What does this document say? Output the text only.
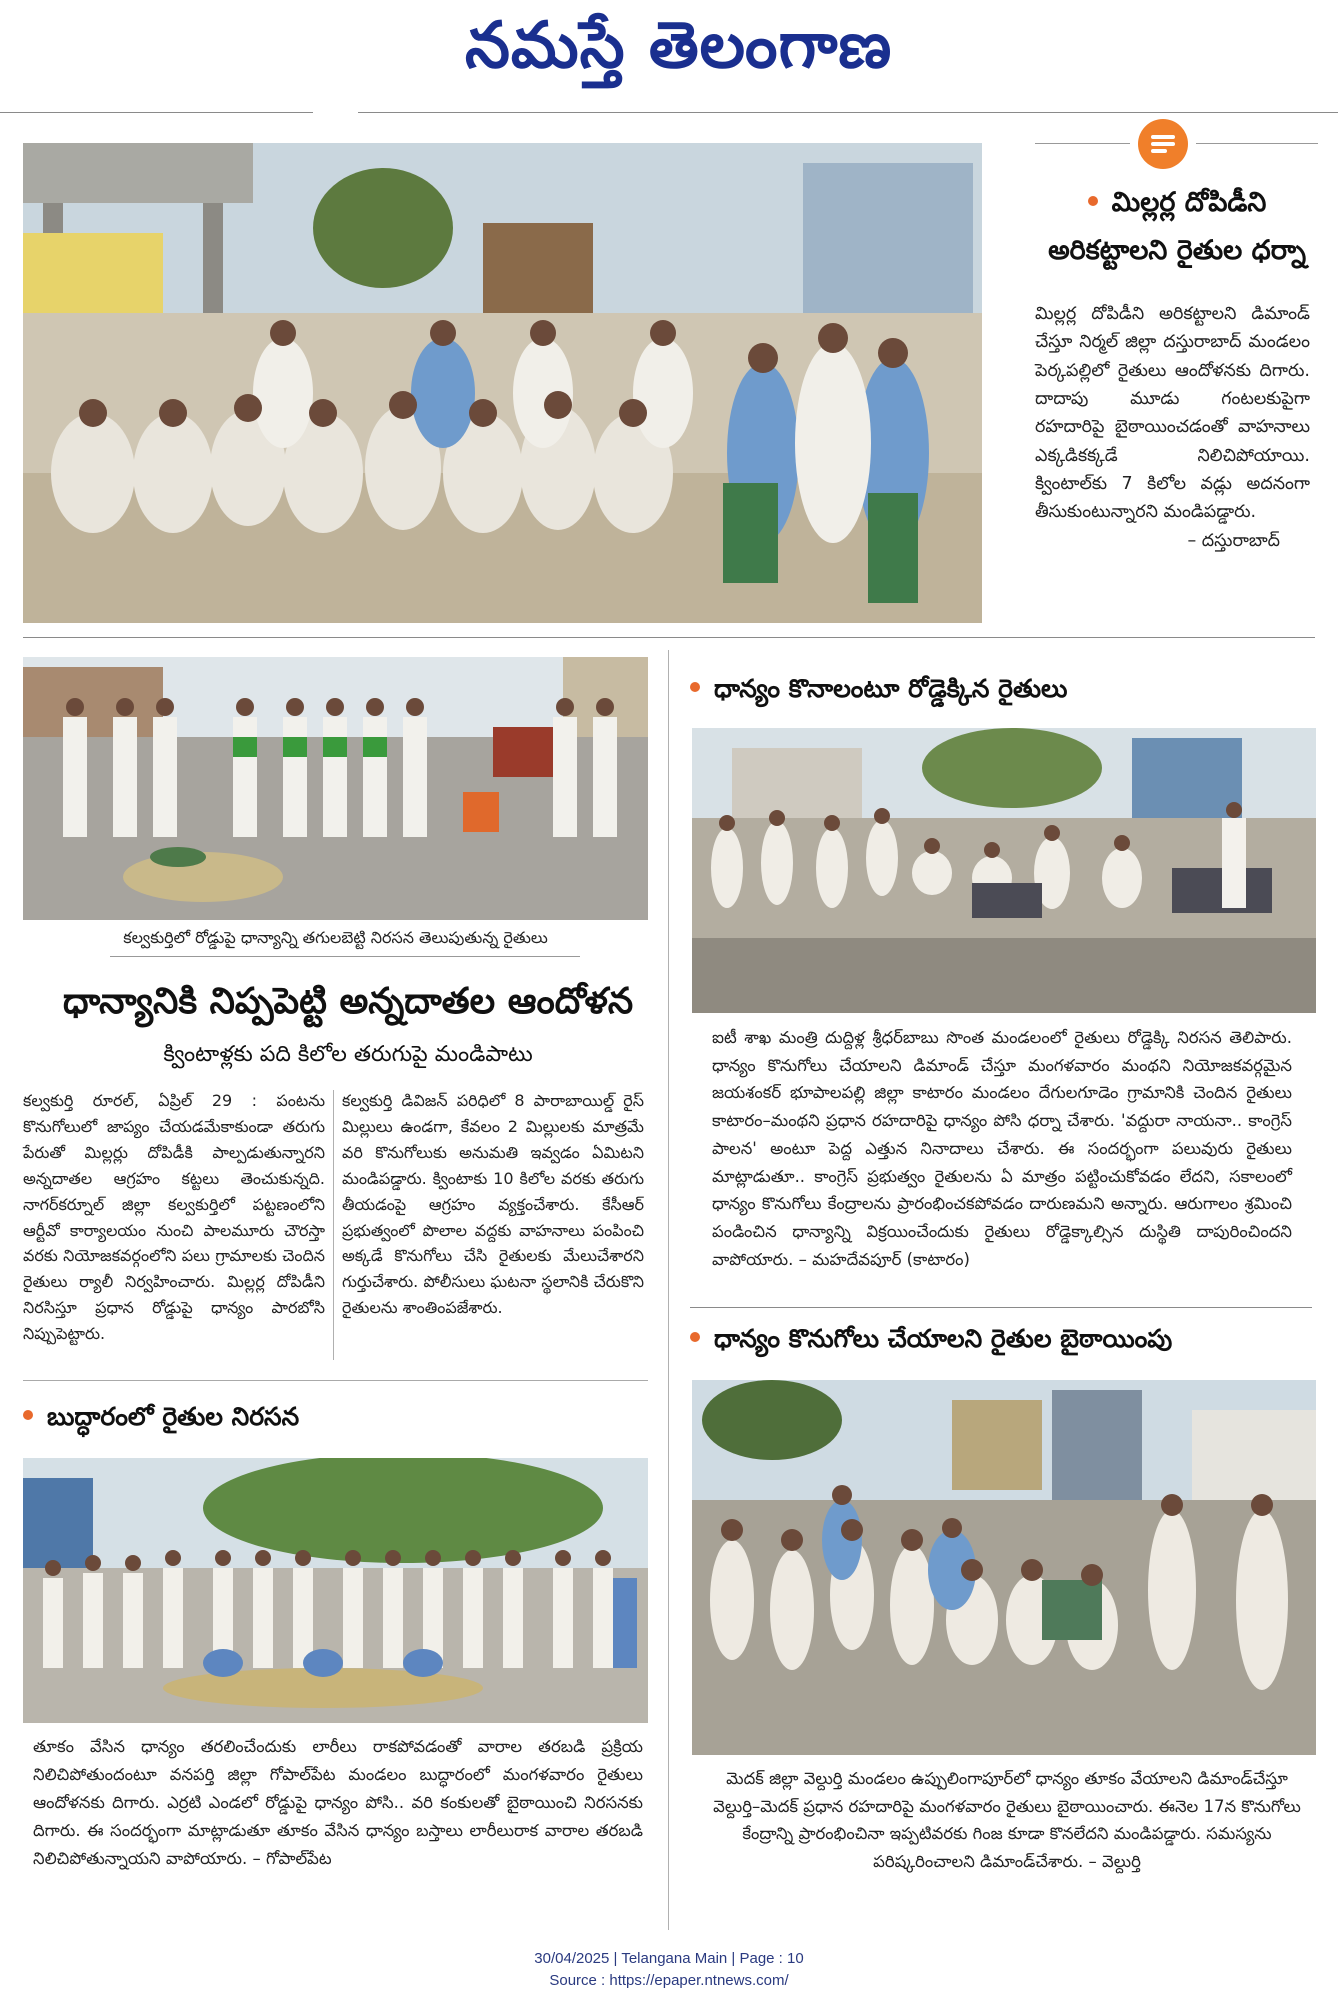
నమస్తే తెలంగాణ
మిల్లర్ల దోపిడీని
అరికట్టాలని రైతుల ధర్నా
మిల్లర్ల దోపిడీని అరికట్టాలని డిమాండ్ చేస్తూ నిర్మల్ జిల్లా దస్తురాబాద్ మండలం పెర్కపల్లిలో రైతులు ఆందోళనకు దిగారు. దాదాపు మూడు గంటలకుపైగా రహదారిపై బైఠాయించడంతో వాహనాలు ఎక్కడికక్కడే నిలిచిపోయాయి. క్వింటాల్‌కు 7 కిలోల వడ్లు అదనంగా తీసుకుంటున్నారని మండిపడ్డారు.
– దస్తురాబాద్
కల్వకుర్తిలో రోడ్డుపై ధాన్యాన్ని తగులబెట్టి నిరసన తెలుపుతున్న రైతులు
ధాన్యానికి నిప్పపెట్టి అన్నదాతల ఆందోళన
క్వింటాళ్లకు పది కిలోల తరుగుపై మండిపాటు
కల్వకుర్తి రూరల్, ఏప్రిల్ 29 : పంటను కొనుగోలులో జాప్యం చేయడమేకాకుండా తరుగు పేరుతో మిల్లర్లు దోపిడీకి పాల్పడుతున్నారని అన్నదాతల ఆగ్రహం కట్టలు తెంచుకున్నది. నాగర్‌కర్నూల్ జిల్లా కల్వకుర్తిలో పట్టణంలోని ఆర్టీవో కార్యాలయం నుంచి పాలమూరు చౌరస్తా వరకు నియోజకవర్గంలోని పలు గ్రామాలకు చెందిన రైతులు ర్యాలీ నిర్వహించారు. మిల్లర్ల దోపిడీని నిరసిస్తూ ప్రధాన రోడ్డుపై ధాన్యం పారబోసి నిప్పుపెట్టారు.
కల్వకుర్తి డివిజన్ పరిధిలో 8 పారాబాయిల్డ్ రైస్ మిల్లులు ఉండగా, కేవలం 2 మిల్లులకు మాత్రమే వరి కొనుగోలుకు అనుమతి ఇవ్వడం ఏమిటని మండిపడ్డారు. క్వింటాకు 10 కిలోల వరకు తరుగు తీయడంపై ఆగ్రహం వ్యక్తంచేశారు. కేసీఆర్ ప్రభుత్వంలో పొలాల వద్దకు వాహనాలు పంపించి అక్కడే కొనుగోలు చేసి రైతులకు మేలుచేశారని గుర్తుచేశారు. పోలీసులు ఘటనా స్థలానికి చేరుకొని రైతులను శాంతింపజేశారు.
ధాన్యం కొనాలంటూ రోడ్డెక్కిన రైతులు
ఐటీ శాఖ మంత్రి దుద్దిళ్ల శ్రీధర్‌బాబు సొంత మండలంలో రైతులు రోడ్డెక్కి నిరసన తెలిపారు. ధాన్యం కొనుగోలు చేయాలని డిమాండ్ చేస్తూ మంగళవారం మంథని నియోజకవర్గమైన జయశంకర్ భూపాలపల్లి జిల్లా కాటారం మండలం దేగులగూడెం గ్రామానికి చెందిన రైతులు కాటారం–మంథని ప్రధాన రహదారిపై ధాన్యం పోసి ధర్నా చేశారు. 'వద్దురా నాయనా.. కాంగ్రెస్ పాలన' అంటూ పెద్ద ఎత్తున నినాదాలు చేశారు. ఈ సందర్భంగా పలువురు రైతులు మాట్లాడుతూ.. కాంగ్రెస్ ప్రభుత్వం రైతులను ఏ మాత్రం పట్టించుకోవడం లేదని, సకాలంలో ధాన్యం కొనుగోలు కేంద్రాలను ప్రారంభించకపోవడం దారుణమని అన్నారు. ఆరుగాలం శ్రమించి పండించిన ధాన్యాన్ని విక్రయించేందుకు రైతులు రోడ్డెక్కాల్సిన దుస్థితి దాపురించిందని వాపోయారు. – మహదేవపూర్ (కాటారం)
ధాన్యం కొనుగోలు చేయాలని రైతుల బైఠాయింపు
మెదక్ జిల్లా వెల్దుర్తి మండలం ఉప్పులింగాపూర్‌లో ధాన్యం తూకం వేయాలని డిమాండ్‌చేస్తూ వెల్దుర్తి–మెదక్ ప్రధాన రహదారిపై మంగళవారం రైతులు బైఠాయించారు. ఈనెల 17న కొనుగోలు కేంద్రాన్ని ప్రారంభించినా ఇప్పటివరకు గింజ కూడా కొనలేదని మండిపడ్డారు. సమస్యను పరిష్కరించాలని డిమాండ్‌చేశారు. – వెల్దుర్తి
బుద్ధారంలో రైతుల నిరసన
తూకం వేసిన ధాన్యం తరలించేందుకు లారీలు రాకపోవడంతో వారాల తరబడి ప్రక్రియ నిలిచిపోతుందంటూ వనపర్తి జిల్లా గోపాల్‌పేట మండలం బుద్ధారంలో మంగళవారం రైతులు ఆందోళనకు దిగారు. ఎర్రటి ఎండలో రోడ్డుపై ధాన్యం పోసి.. వరి కంకులతో బైఠాయించి నిరసనకు దిగారు. ఈ సందర్భంగా మాట్లాడుతూ తూకం వేసిన ధాన్యం బస్తాలు లారీలురాక వారాల తరబడి నిలిచిపోతున్నాయని వాపోయారు. – గోపాల్‌పేట
30/04/2025 | Telangana Main | Page : 10
Source : https://epaper.ntnews.com/
